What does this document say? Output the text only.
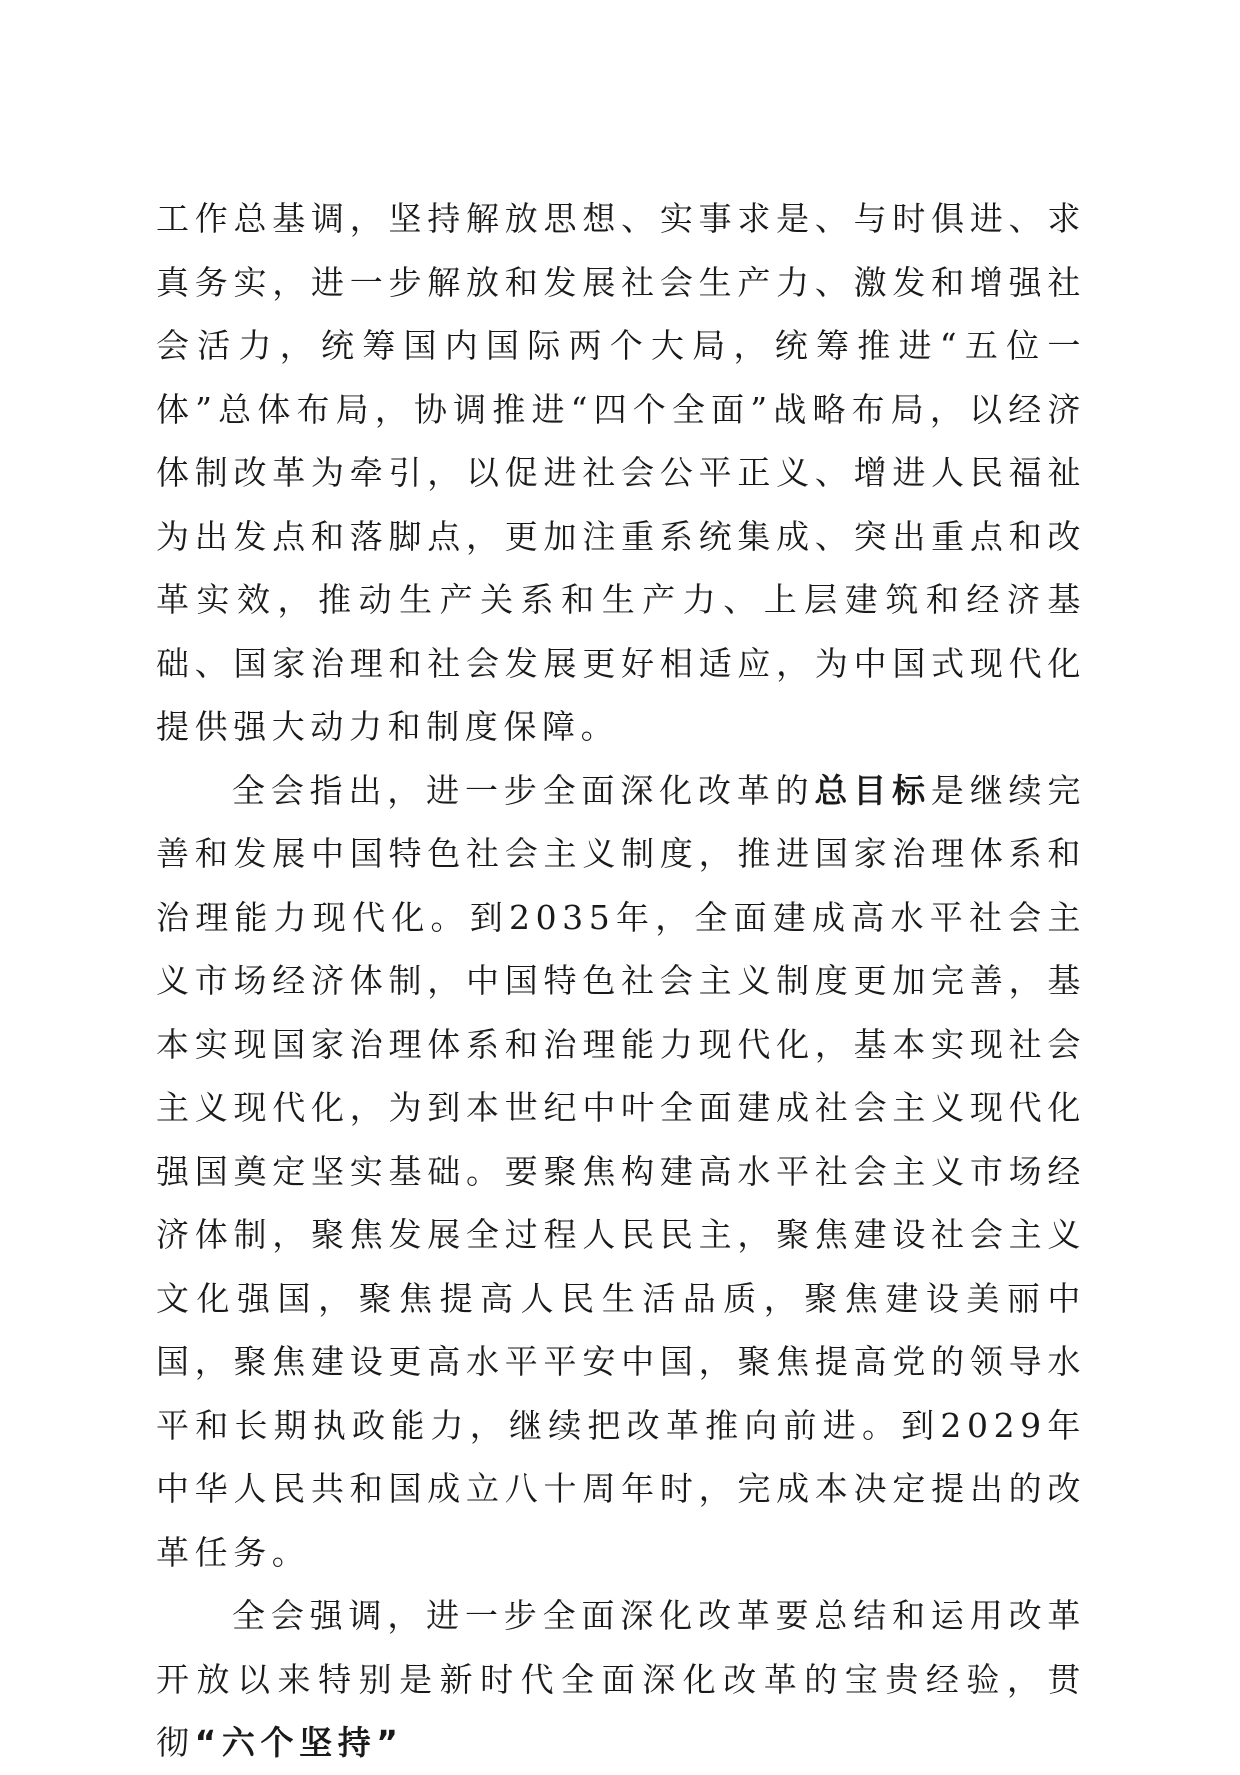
工作总基调，坚持解放思想、实事求是、与时俱进、求真务实，进一步解放和发展社会生产力、激发和增强社会活力，统筹国内国际两个大局，统筹推进“五位一体”总体布局，协调推进“四个全面”战略布局，以经济体制改革为牵引，以促进社会公平正义、增进人民福祉为出发点和落脚点，更加注重系统集成、突出重点和改革实效，推动生产关系和生产力、上层建筑和经济基础、国家治理和社会发展更好相适应，为中国式现代化提供强大动力和制度保障。

全会指出，进一步全面深化改革的总目标是继续完善和发展中国特色社会主义制度，推进国家治理体系和治理能力现代化。到2035年，全面建成高水平社会主义市场经济体制，中国特色社会主义制度更加完善，基本实现国家治理体系和治理能力现代化，基本实现社会主义现代化，为到本世纪中叶全面建成社会主义现代化强国奠定坚实基础。要聚焦构建高水平社会主义市场经济体制，聚焦发展全过程人民民主，聚焦建设社会主义文化强国，聚焦提高人民生活品质，聚焦建设美丽中国，聚焦建设更高水平平安中国，聚焦提高党的领导水平和长期执政能力，继续把改革推向前进。到2029年中华人民共和国成立八十周年时，完成本决定提出的改革任务。

全会强调，进一步全面深化改革要总结和运用改革开放以来特别是新时代全面深化改革的宝贵经验，贯彻“六个坚持”
